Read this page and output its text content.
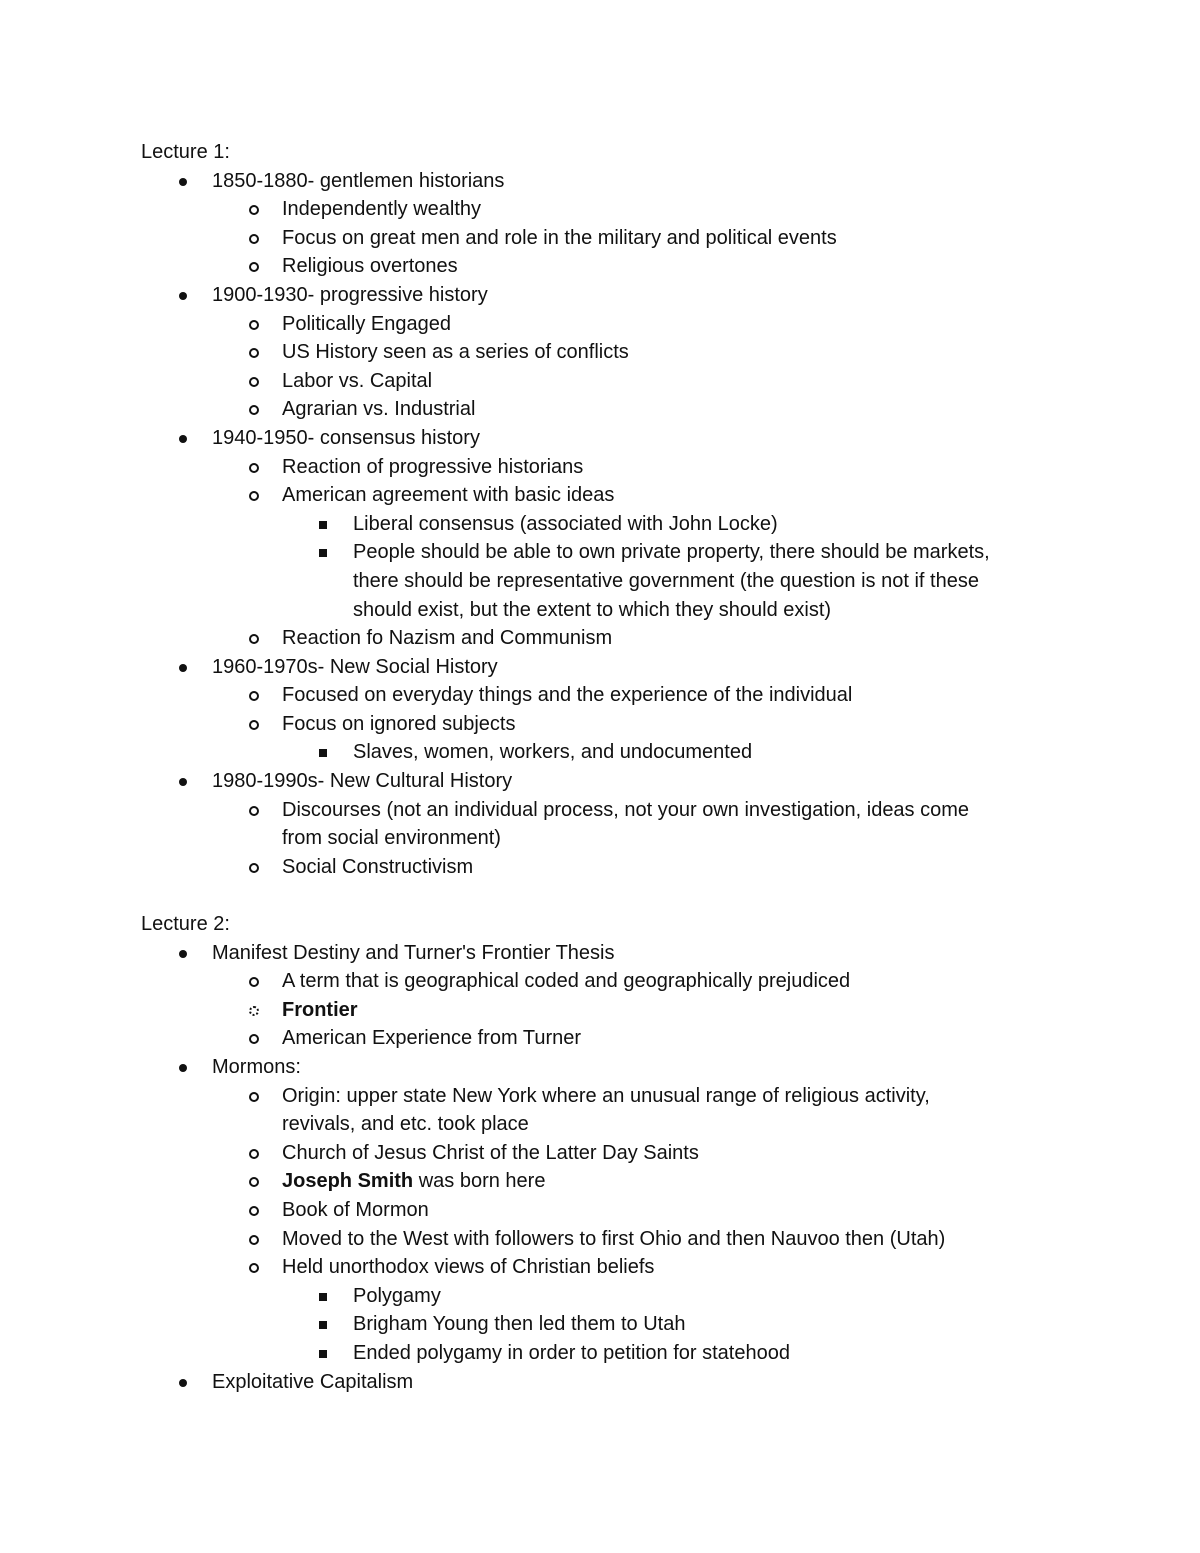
Lecture 1:
1850-1880- gentlemen historians
Independently wealthy
Focus on great men and role in the military and political events
Religious overtones
1900-1930- progressive history
Politically Engaged
US History seen as a series of conflicts
Labor vs. Capital
Agrarian vs. Industrial
1940-1950- consensus history
Reaction of progressive historians
American agreement with basic ideas
Liberal consensus (associated with John Locke)
People should be able to own private property, there should be markets,
there should be representative government (the question is not if these
should exist, but the extent to which they should exist)
Reaction fo Nazism and Communism
1960-1970s- New Social History
Focused on everyday things and the experience of the individual
Focus on ignored subjects
Slaves, women, workers, and undocumented
1980-1990s- New Cultural History
Discourses (not an individual process, not your own investigation, ideas come
from social environment)
Social Constructivism
Lecture 2:
Manifest Destiny and Turner's Frontier Thesis
A term that is geographical coded and geographically prejudiced
Frontier
American Experience from Turner
Mormons:
Origin: upper state New York where an unusual range of religious activity,
revivals, and etc. took place
Church of Jesus Christ of the Latter Day Saints
Joseph Smith was born here
Book of Mormon
Moved to the West with followers to first Ohio and then Nauvoo then (Utah)
Held unorthodox views of Christian beliefs
Polygamy
Brigham Young then led them to Utah
Ended polygamy in order to petition for statehood
Exploitative Capitalism
